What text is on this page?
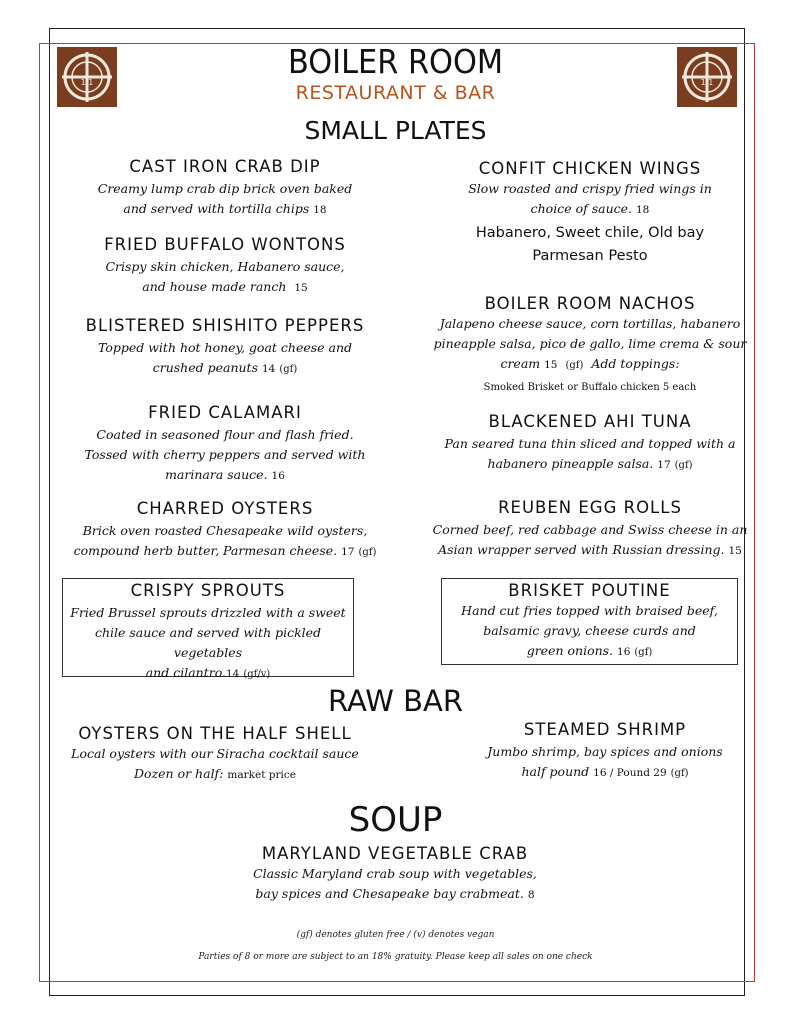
1 1	1 1
BOILER ROOM
RESTAURANT & BAR
SMALL PLATES
CAST IRON CRAB DIP
Creamy lump crab dip brick oven baked
and served with tortilla chips 18
FRIED BUFFALO WONTONS
Crispy skin chicken, Habanero sauce,
and house made ranch 15
BLISTERED SHISHITO PEPPERS
Topped with hot honey, goat cheese and
crushed peanuts 14 (gf)
FRIED CALAMARI
Coated in seasoned flour and flash fried.
Tossed with cherry peppers and served with
marinara sauce. 16
CHARRED OYSTERS
Brick oven roasted Chesapeake wild oysters,
compound herb butter, Parmesan cheese. 17 (gf)
CRISPY SPROUTS
Fried Brussel sprouts drizzled with a sweet
chile sauce and served with pickled vegetables
and cilantro.14 (gf/v)
CONFIT CHICKEN WINGS
Slow roasted and crispy fried wings in
choice of sauce. 18
Habanero, Sweet chile, Old bay
Parmesan Pesto
BOILER ROOM NACHOS
Jalapeno cheese sauce, corn tortillas, habanero
pineapple salsa, pico de gallo, lime crema & sour
cream 15 (gf) Add toppings:
Smoked Brisket or Buffalo chicken 5 each
BLACKENED AHI TUNA
Pan seared tuna thin sliced and topped with a
habanero pineapple salsa. 17 (gf)
REUBEN EGG ROLLS
Corned beef, red cabbage and Swiss cheese in an
Asian wrapper served with Russian dressing. 15
BRISKET POUTINE
Hand cut fries topped with braised beef,
balsamic gravy, cheese curds and
green onions. 16 (gf)
RAW BAR
OYSTERS ON THE HALF SHELL
Local oysters with our Siracha cocktail sauce
Dozen or half: market price
STEAMED SHRIMP
Jumbo shrimp, bay spices and onions
half pound 16 / Pound 29 (gf)
SOUP
MARYLAND VEGETABLE CRAB
Classic Maryland crab soup with vegetables,
bay spices and Chesapeake bay crabmeat. 8
(gf) denotes gluten free / (v) denotes vegan
Parties of 8 or more are subject to an 18% gratuity. Please keep all sales on one check
